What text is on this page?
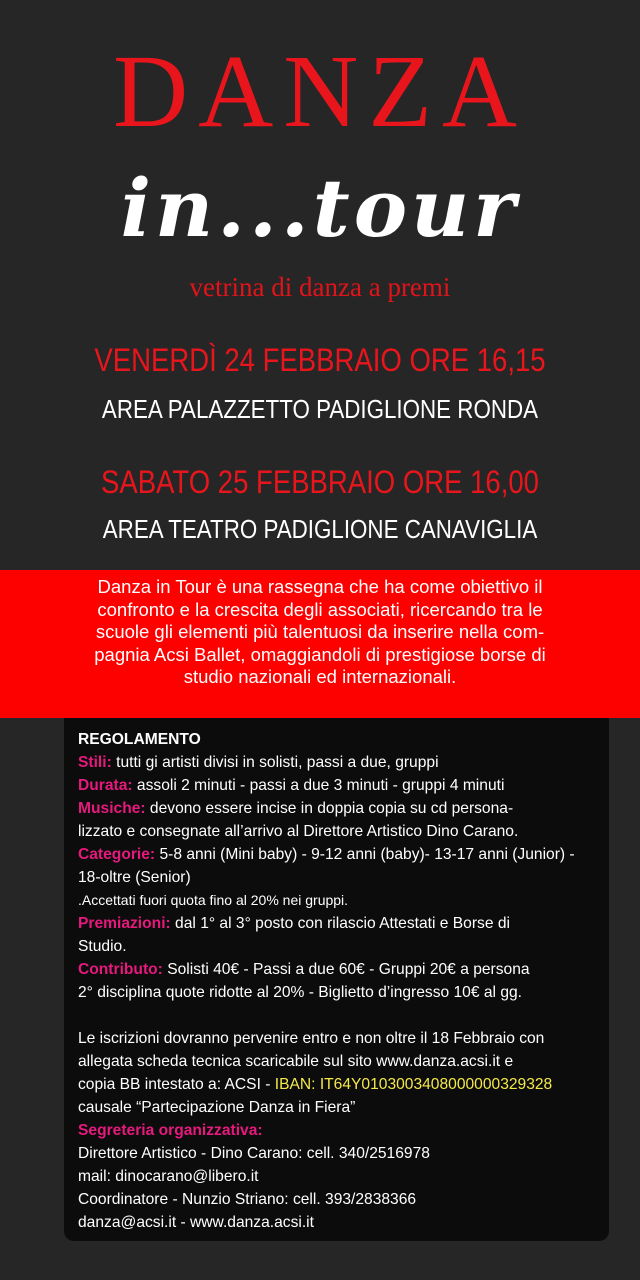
DANZA
in...tour
vetrina di danza a premi
VENERDÌ 24 FEBBRAIO ORE 16,15
AREA PALAZZETTO PADIGLIONE RONDA
SABATO 25 FEBBRAIO ORE 16,00
AREA TEATRO PADIGLIONE CANAVIGLIA

Danza in Tour è una rassegna che ha come obiettivo il
confronto e la crescita degli associati, ricercando tra le
scuole gli elementi più talentuosi da inserire nella com-
pagnia Acsi Ballet, omaggiandoli di prestigiose borse di
studio nazionali ed internazionali.

REGOLAMENTO
Stili: tutti gi artisti divisi in solisti, passi a due, gruppi
Durata: assoli 2 minuti - passi a due 3 minuti - gruppi 4 minuti
Musiche: devono essere incise in doppia copia su cd persona-
lizzato e consegnate all’arrivo al Direttore Artistico Dino Carano.
Categorie: 5-8 anni (Mini baby) - 9-12 anni (baby)- 13-17 anni (Junior) -
18-oltre (Senior)
.Accettati fuori quota fino al 20% nei gruppi.
Premiazioni: dal 1° al 3° posto con rilascio Attestati e Borse di
Studio.
Contributo: Solisti 40€ - Passi a due 60€ - Gruppi 20€ a persona
2° disciplina quote ridotte al 20% - Biglietto d’ingresso 10€ al gg.
Le iscrizioni dovranno pervenire entro e non oltre il 18 Febbraio con
allegata scheda tecnica scaricabile sul sito www.danza.acsi.it e
copia BB intestato a: ACSI - IBAN: IT64Y0103003408000000329328
causale “Partecipazione Danza in Fiera”
Segreteria organizzativa:
Direttore Artistico - Dino Carano: cell. 340/2516978
mail: dinocarano@libero.it
Coordinatore - Nunzio Striano: cell. 393/2838366
danza@acsi.it - www.danza.acsi.it
